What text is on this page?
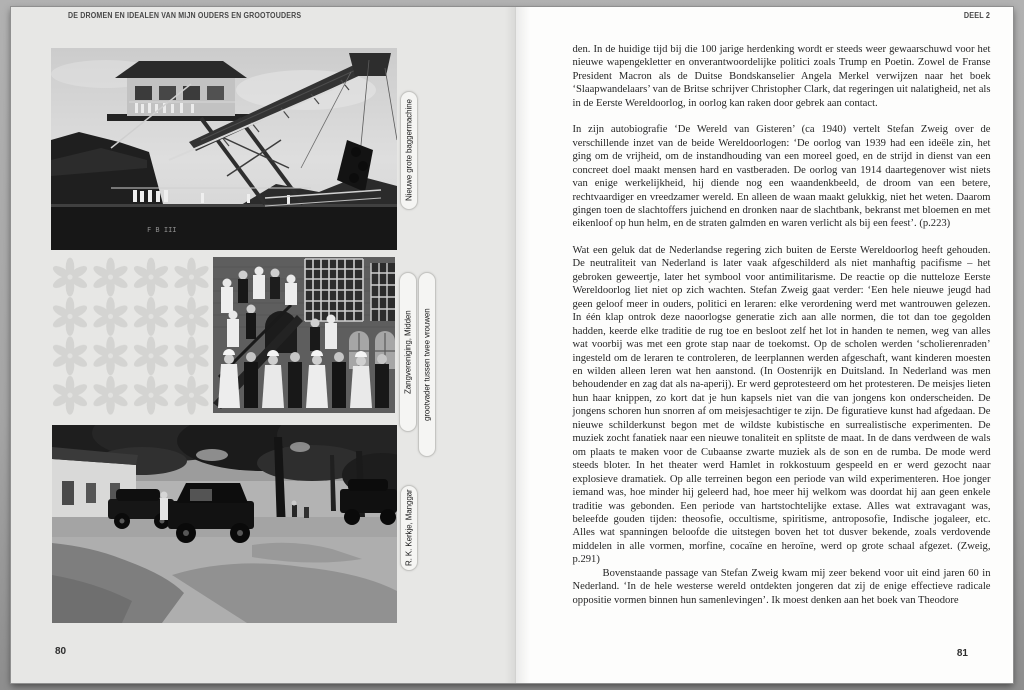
DE DROMEN EN IDEALEN VAN MIJN OUDERS EN GROOTOUDERS
F B III
Nieuwe grote baggermachine
Zangvereniging, Midden	grootvader tussen twee vrouwen
R. K. Kerkje, Manggar
80
DEEL 2

den. In de huidige tijd bij die 100 jarige herdenking wordt er steeds weer gewaarschuwd voor het nieuwe wapengekletter en onverantwoordelijke politici zoals Trump en Poetin. Zowel de Franse President Macron als de Duitse Bondskanselier Angela Merkel verwijzen naar het boek ‘Slaapwandelaars’ van de Britse schrijver Christopher Clark, dat regeringen uit nalatigheid, net als in de Eerste Wereldoorlog, in oorlog kan raken door gebrek aan contact.

In zijn autobiografie ‘De Wereld van Gisteren’ (ca 1940) vertelt Stefan Zweig over de verschillende inzet van de beide Wereldoorlogen: ‘De oorlog van 1939 had een ideële zin, het ging om de vrijheid, om de instandhouding van een moreel goed, en de strijd in dienst van een concreet doel maakt mensen hard en vastberaden. De oorlog van 1914 daartegenover wist niets van enige werkelijkheid, hij diende nog een waandenkbeeld, de droom van een betere, rechtvaardiger en vreedzamer wereld. En alleen de waan maakt gelukkig, niet het weten. Daarom gingen toen de slachtoffers juichend en dronken naar de slachtbank, bekranst met bloemen en met eikenloof op hun helm, en de straten galmden en waren verlicht als bij een feest’. (p.223)

Wat een geluk dat de Nederlandse regering zich buiten de Eerste Wereldoorlog heeft gehouden. De neutraliteit van Nederland is later vaak afgeschilderd als niet manhaftig pacifisme – het gebroken geweertje, later het symbool voor antimilitarisme. De reactie op die nutteloze Eerste Wereldoorlog liet niet op zich wachten. Stefan Zweig gaat verder: ‘Een hele nieuwe jeugd had geen geloof meer in ouders, politici en leraren: elke verordening werd met wantrouwen gelezen. In één klap ontrok deze naoorlogse generatie zich aan alle normen, die tot dan toe gegolden hadden, keerde elke traditie de rug toe en besloot zelf het lot in handen te nemen, weg van alles wat voorbij was met een grote stap naar de toekomst. Op de scholen werden ‘scholierenraden’ ingesteld om de leraren te controleren, de leerplannen werden afgeschaft, want kinderen moesten en wilden alleen leren wat hen aanstond. (In Oostenrijk en Duitsland. In Nederland was men behoudender en zag dat als na-aperij). Er werd geprotesteerd om het protesteren. De meisjes lieten hun haar knippen, zo kort dat je hun kapsels niet van die van jongens kon onderscheiden. De jongens schoren hun snorren af om meisjesachtiger te zijn. De figuratieve kunst had afgedaan. De nieuwe schilderkunst begon met de wildste kubistische en surrealistische experimenten. De muziek zocht fanatiek naar een nieuwe tonaliteit en splitste de maat. In de dans verdween de wals om plaats te maken voor de Cubaanse zwarte muziek als de son en de rumba. De mode werd steeds bloter. In het theater werd Hamlet in rokkostuum gespeeld en er werd gezocht naar explosieve dramatiek. Op alle terreinen begon een periode van wild experimenteren. Hoe jonger iemand was, hoe minder hij geleerd had, hoe meer hij welkom was doordat hij aan geen enkele traditie was gebonden. Een periode van hartstochtelijke extase. Alles wat extravagant was, beleefde gouden tijden: theosofie, occultisme, spiritisme, antroposofie, Indische jogaleer, etc. Alles wat spanningen beloofde die uitstegen boven het tot dusver bekende, zoals verdovende middelen in alle vormen, morfine, cocaïne en heroïne, werd op grote schaal afgezet. (Zweig, p.291)

Bovenstaande passage van Stefan Zweig kwam mij zeer bekend voor uit eind jaren 60 in Nederland. ‘In de hele westerse wereld ontdekten jongeren dat zij de enige effectieve radicale oppositie vormen binnen hun samenlevingen’. Ik moest denken aan het boek van Theodore

81
